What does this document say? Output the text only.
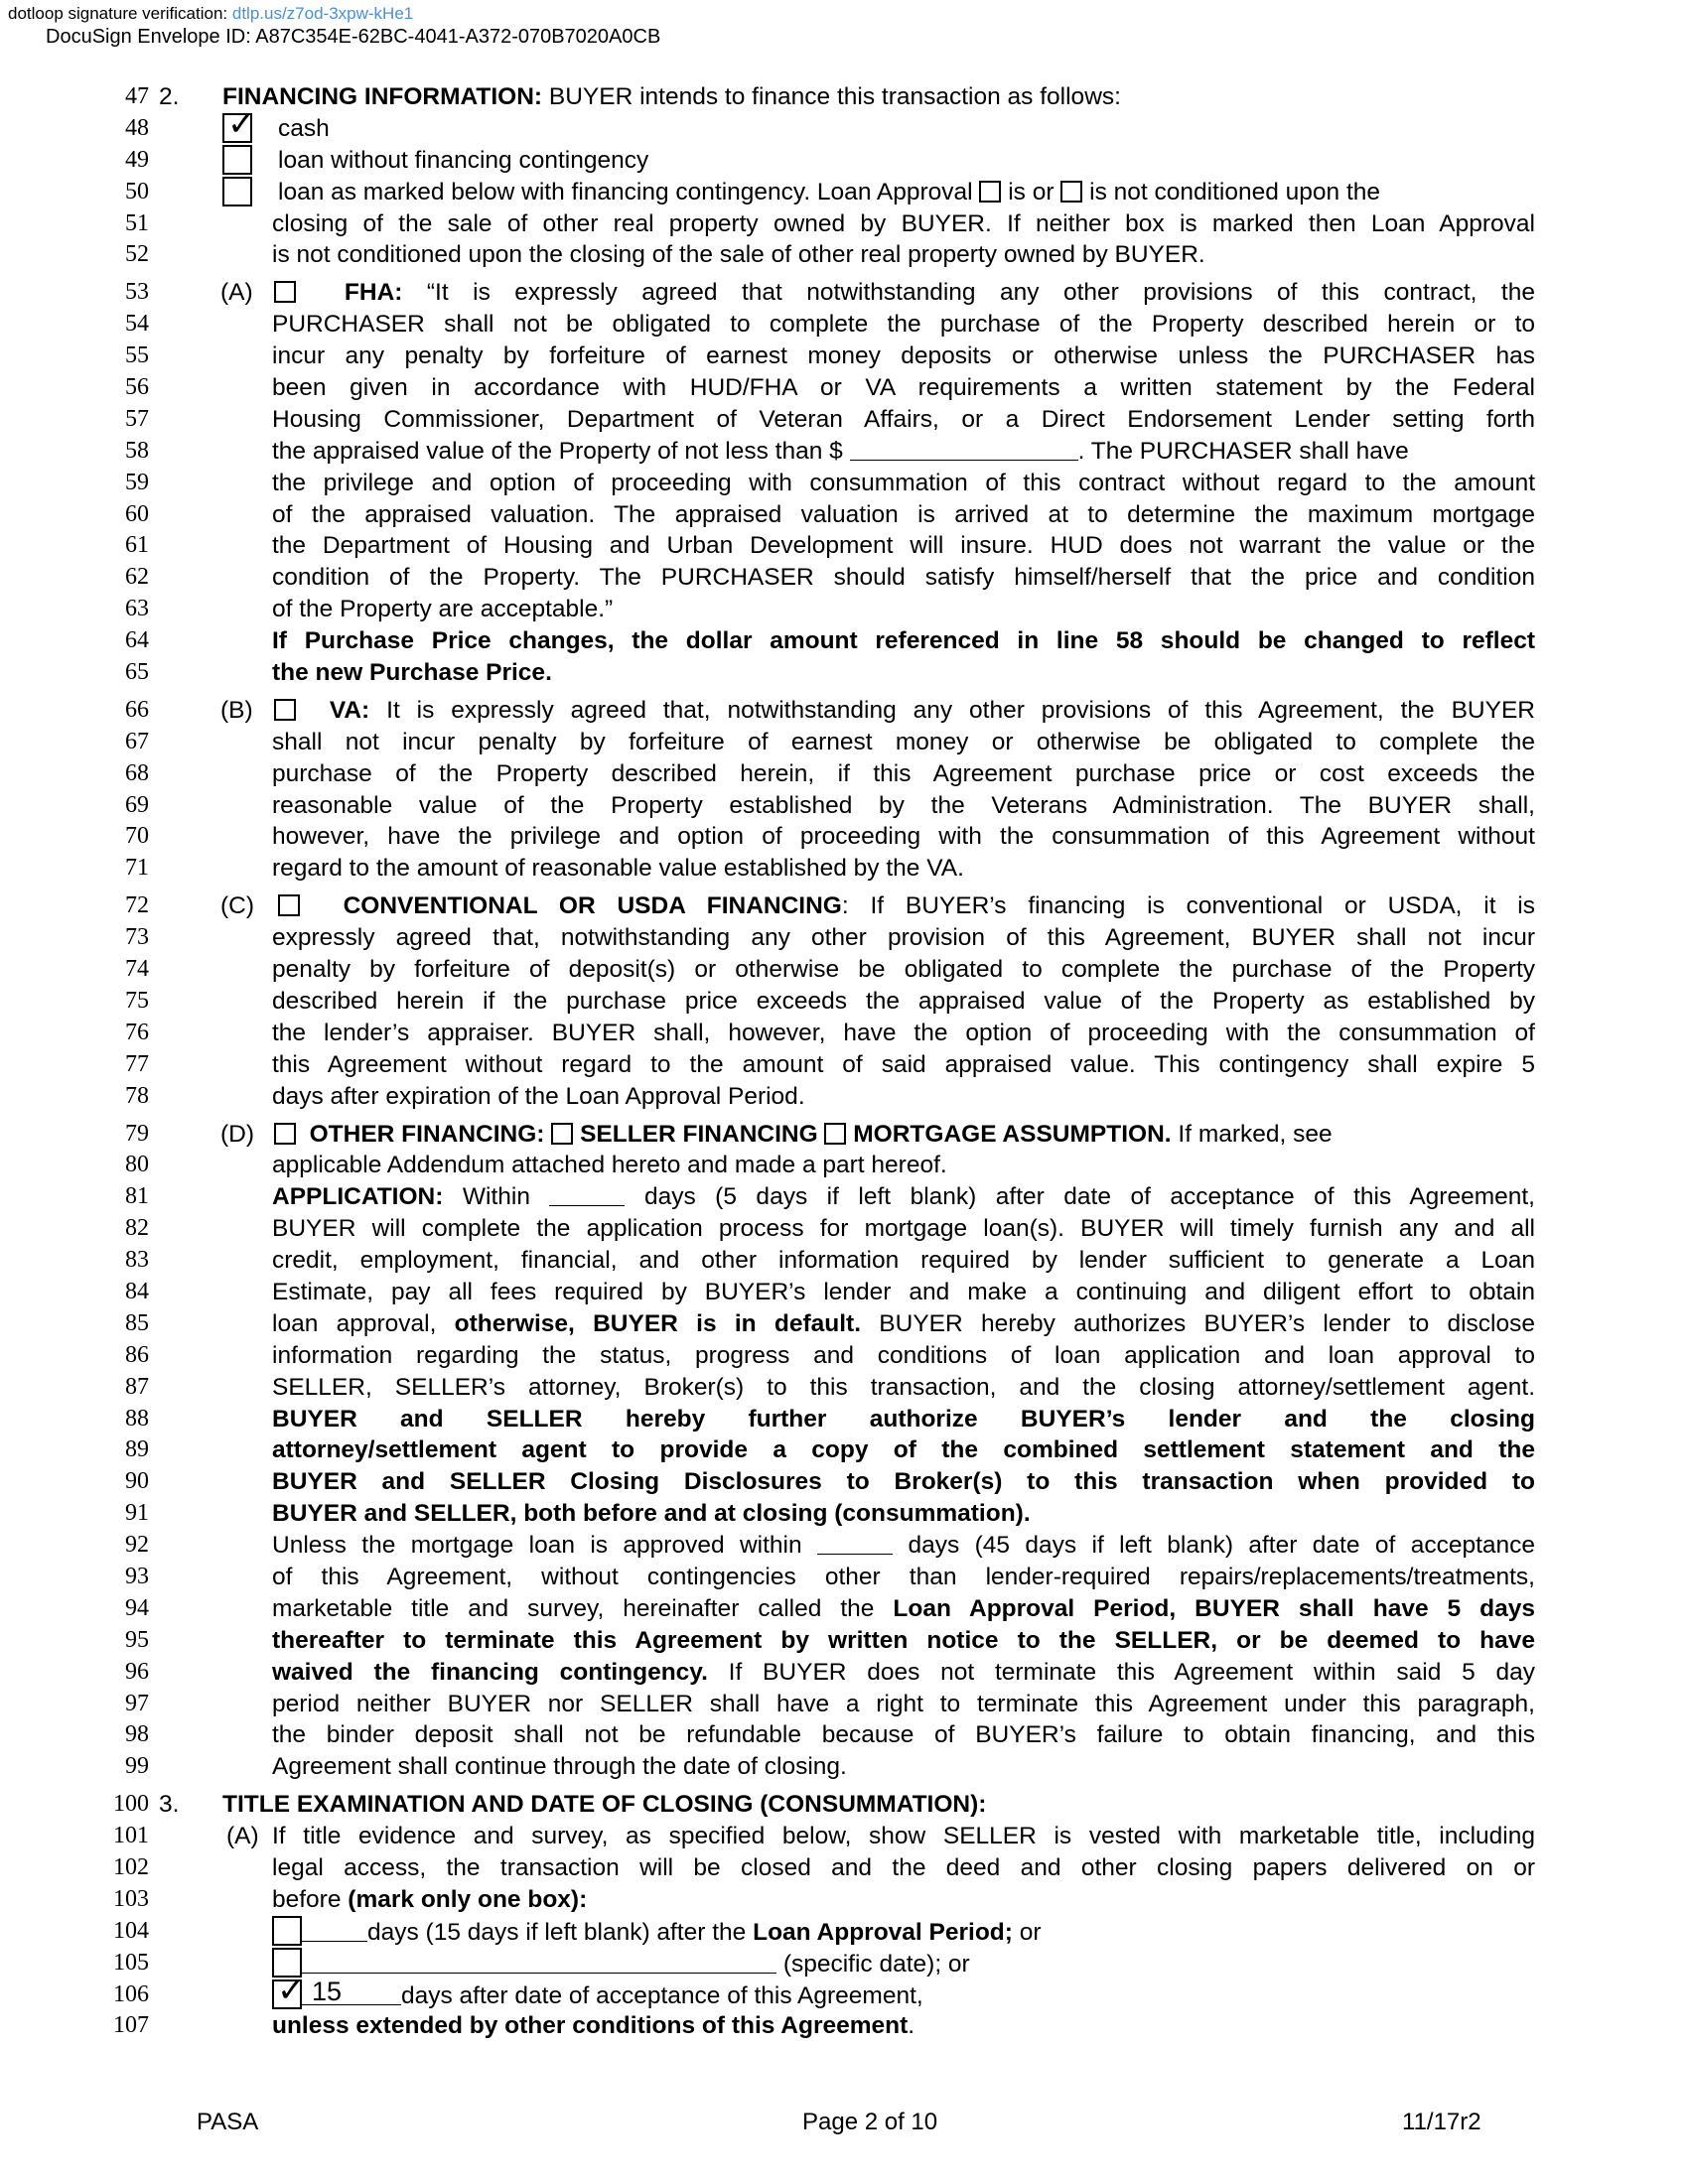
dotloop signature verification: dtlp.us/z7od-3xpw-kHe1
DocuSign Envelope ID: A87C354E-62BC-4041-A372-070B7020A0CB
47 2. FINANCING INFORMATION: BUYER intends to finance this transaction as follows:
48 ✓ cash
49	loan without financing contingency
50	loan as marked below with financing contingency. Loan Approval is or is not conditioned upon the
51	closing of the sale of other real property owned by BUYER. If neither box is marked then Loan Approval
52	is not conditioned upon the closing of the sale of other real property owned by BUYER.
53	(A)	FHA: “It is expressly agreed that notwithstanding any other provisions of this contract, the
54	PURCHASER shall not be obligated to complete the purchase of the Property described herein or to
55	incur any penalty by forfeiture of earnest money deposits or otherwise unless the PURCHASER has
56	been given in accordance with HUD/FHA or VA requirements a written statement by the Federal
57	Housing Commissioner, Department of Veteran Affairs, or a Direct Endorsement Lender setting forth
58	the appraised value of the Property of not less than $	. The PURCHASER shall have
59	the privilege and option of proceeding with consummation of this contract without regard to the amount
60	of the appraised valuation. The appraised valuation is arrived at to determine the maximum mortgage
61	the Department of Housing and Urban Development will insure. HUD does not warrant the value or the
62	condition of the Property. The PURCHASER should satisfy himself/herself that the price and condition
63	of the Property are acceptable.”
64	If Purchase Price changes, the dollar amount referenced in line 58 should be changed to reflect
65	the new Purchase Price.
66	(B)	VA: It is expressly agreed that, notwithstanding any other provisions of this Agreement, the BUYER
67	shall not incur penalty by forfeiture of earnest money or otherwise be obligated to complete the
68	purchase of the Property described herein, if this Agreement purchase price or cost exceeds the
69	reasonable value of the Property established by the Veterans Administration. The BUYER shall,
70	however, have the privilege and option of proceeding with the consummation of this Agreement without
71	regard to the amount of reasonable value established by the VA.
72	(C)	CONVENTIONAL OR USDA FINANCING: If BUYER’s financing is conventional or USDA, it is
73	expressly agreed that, notwithstanding any other provision of this Agreement, BUYER shall not incur
74	penalty by forfeiture of deposit(s) or otherwise be obligated to complete the purchase of the Property
75	described herein if the purchase price exceeds the appraised value of the Property as established by
76	the lender’s appraiser. BUYER shall, however, have the option of proceeding with the consummation of
77	this Agreement without regard to the amount of said appraised value. This contingency shall expire 5
78	days after expiration of the Loan Approval Period.
79	(D)	OTHER FINANCING: SELLER FINANCING MORTGAGE ASSUMPTION. If marked, see
80	applicable Addendum attached hereto and made a part hereof.
81	APPLICATION: Within	days (5 days if left blank) after date of acceptance of this Agreement,
82	BUYER will complete the application process for mortgage loan(s). BUYER will timely furnish any and all
83	credit, employment, financial, and other information required by lender sufficient to generate a Loan
84	Estimate, pay all fees required by BUYER’s lender and make a continuing and diligent effort to obtain
85	loan approval, otherwise, BUYER is in default. BUYER hereby authorizes BUYER’s lender to disclose
86	information regarding the status, progress and conditions of loan application and loan approval to
87	SELLER, SELLER’s attorney, Broker(s) to this transaction, and the closing attorney/settlement agent.
88	BUYER and SELLER hereby further authorize BUYER’s lender and the closing
89	attorney/settlement agent to provide a copy of the combined settlement statement and the
90	BUYER and SELLER Closing Disclosures to Broker(s) to this transaction when provided to
91	BUYER and SELLER, both before and at closing (consummation).
92	Unless the mortgage loan is approved within	days (45 days if left blank) after date of acceptance
93	of this Agreement, without contingencies other than lender-required repairs/replacements/treatments,
94	marketable title and survey, hereinafter called the Loan Approval Period, BUYER shall have 5 days
95	thereafter to terminate this Agreement by written notice to the SELLER, or be deemed to have
96	waived the financing contingency. If BUYER does not terminate this Agreement within said 5 day
97	period neither BUYER nor SELLER shall have a right to terminate this Agreement under this paragraph,
98	the binder deposit shall not be refundable because of BUYER’s failure to obtain financing, and this
99	Agreement shall continue through the date of closing.
100 3. TITLE EXAMINATION AND DATE OF CLOSING (CONSUMMATION):
101	(A) If title evidence and survey, as specified below, show SELLER is vested with marketable title, including
102	legal access, the transaction will be closed and the deed and other closing papers delivered on or
103	before (mark only one box):
104	days (15 days if left blank) after the Loan Approval Period; or
105	(specific date); or
106	✓ 15 days after date of acceptance of this Agreement,
107	unless extended by other conditions of this Agreement.
PASA	Page 2 of 10	11/17r2
